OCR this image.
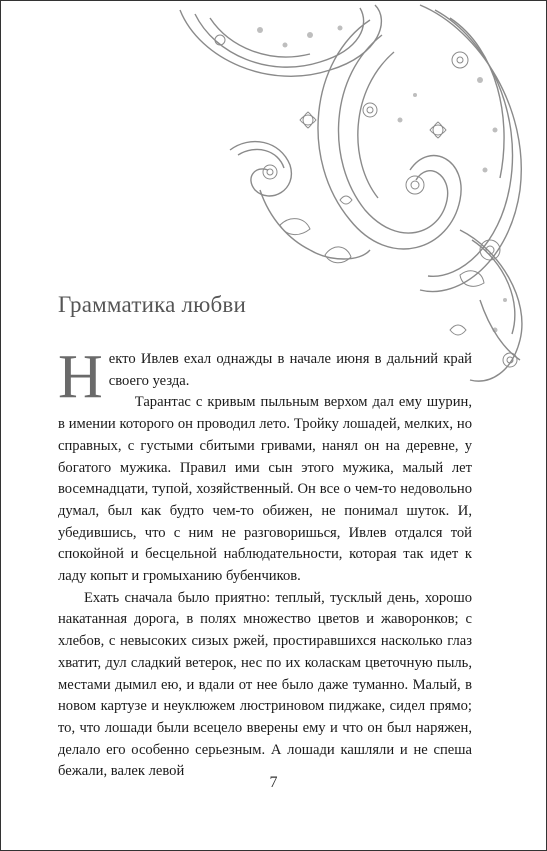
Грамматика любви

Некто Ивлев ехал однажды в начале июня в дальний край своего уезда.

Тарантас с кривым пыльным верхом дал ему шурин, в имении которого он проводил лето. Тройку лошадей, мелких, но справных, с густыми сбитыми гривами, нанял он на деревне, у богатого мужика. Правил ими сын этого мужика, малый лет восемнадцати, тупой, хозяйственный. Он все о чем-то недовольно думал, был как будто чем-то обижен, не понимал шуток. И, убедившись, что с ним не разговоришься, Ивлев отдался той спокойной и бесцельной наблюдательности, которая так идет к ладу копыт и громыханию бубенчиков.

Ехать сначала было приятно: теплый, тусклый день, хорошо накатанная дорога, в полях множество цветов и жаворонков; с хлебов, с невысоких сизых ржей, простиравшихся насколько глаз хватит, дул сладкий ветерок, нес по их коласкам цветочную пыль, местами дымил ею, и вдали от нее было даже туманно. Малый, в новом картузе и неуклюжем люстриновом пиджаке, сидел прямо; то, что лошади были всецело вверены ему и что он был наряжен, делало его особенно серьезным. А лошади кашляли и не спеша бежали, валек левой

7
